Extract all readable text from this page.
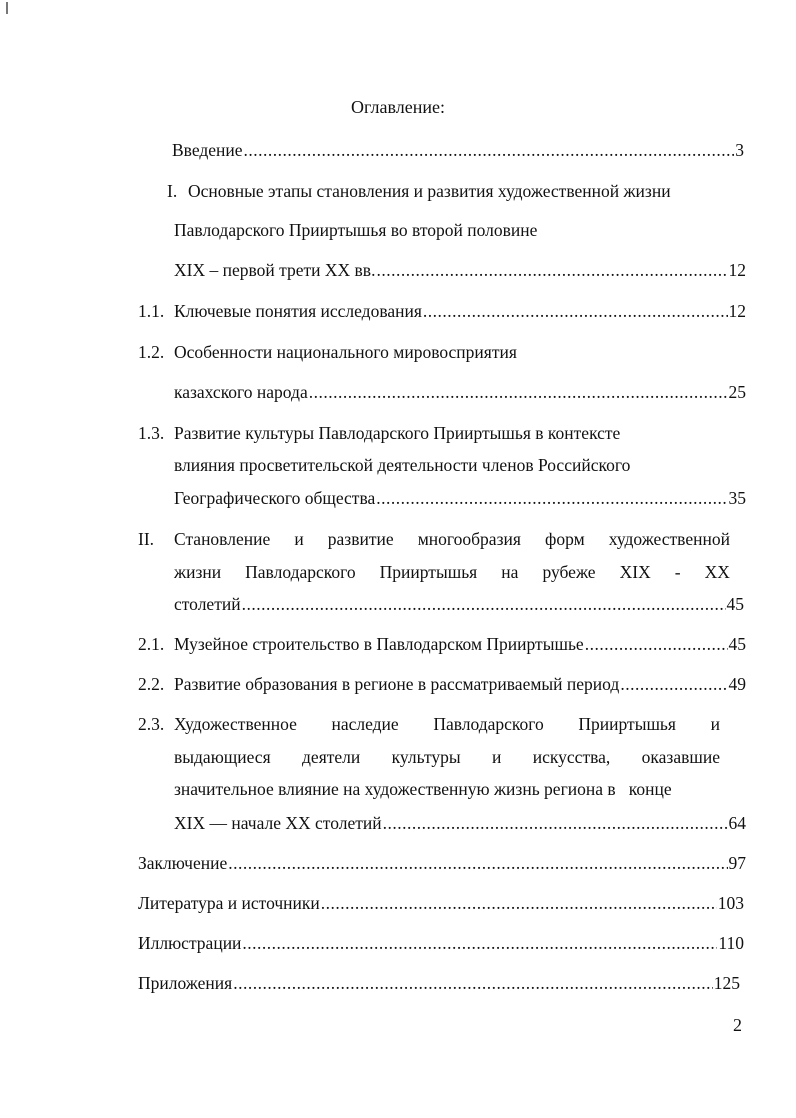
Оглавление:
Введение .....	3
I. Основные этапы становления и развития художественной жизни
Павлодарского Прииртышья во второй половине
XIX – первой трети XX вв. .....	12
1.1. Ключевые понятия исследования .....	12
1.2. Особенности национального мировосприятия
казахского народа .....	25
1.3. Развитие культуры Павлодарского Прииртышья в контексте
влияния просветительской деятельности членов Российского
Географического общества .....	35
II. Становление и развитие многообразия форм художественной
жизни Павлодарского Прииртышья на рубеже XIX - XX
столетий .....	45
2.1. Музейное строительство в Павлодарском Прииртышье .....	45
2.2. Развитие образования в регионе в рассматриваемый период .....	49
2.3. Художественное наследие Павлодарского Прииртышья и
выдающиеся деятели культуры и искусства, оказавшие
значительное влияние на художественную жизнь региона в   конце
XIX — начале XX столетий .....	64
Заключение .....	97
Литература и источники .....	103
Иллюстрации .....	110
Приложения .....	125
2
